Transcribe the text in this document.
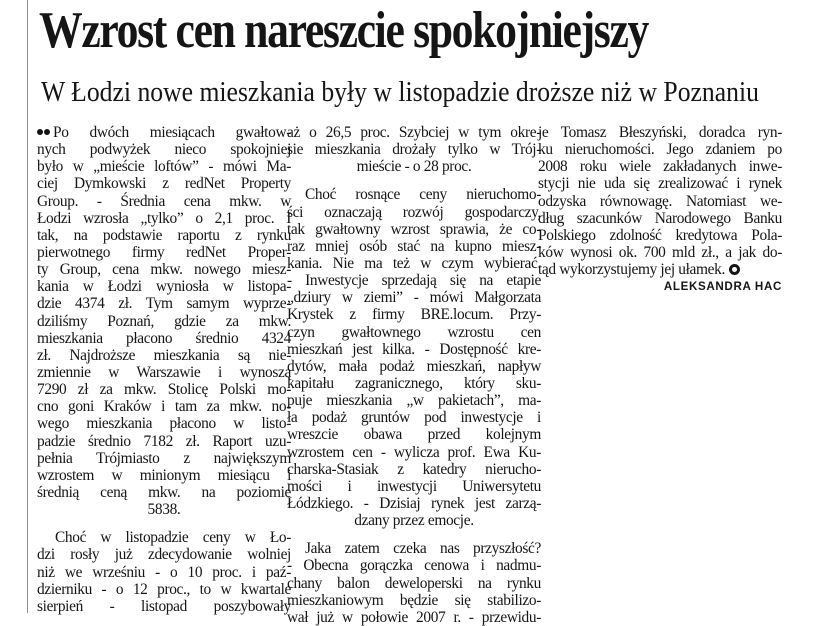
Wzrost cen nareszcie spokojniejszy
W Łodzi nowe mieszkania były w listopadzie droższe niż w Poznaniu
Po dwóch miesiącach gwałtow-
nych podwyżek nieco spokojniej
było w „mieście loftów” - mówi Ma-
ciej Dymkowski z redNet Property
Group. - Średnia cena mkw. w
Łodzi wzrosła „tylko” o 2,1 proc. I
tak, na podstawie raportu z rynku
pierwotnego firmy redNet Proper-
ty Group, cena mkw. nowego miesz-
kania w Łodzi wyniosła w listopa-
dzie 4374 zł. Tym samym wyprze-
dziliśmy Poznań, gdzie za mkw.
mieszkania płacono średnio 4324
zł. Najdroższe mieszkania są nie-
zmiennie w Warszawie i wynoszą
7290 zł za mkw. Stolicę Polski mo-
cno goni Kraków i tam za mkw. no-
wego mieszkania płacono w listo-
padzie średnio 7182 zł. Raport uzu-
pełnia Trójmiasto z największym
wzrostem w minionym miesiącu i
średnią ceną mkw. na poziomie
5838.
Choć w listopadzie ceny w Ło-
dzi rosły już zdecydowanie wolniej
niż we wrześniu - o 10 proc. i paź-
dzierniku - o 12 proc., to w kwartale
sierpień - listopad poszybowały
aż o 26,5 proc. Szybciej w tym okre-
sie mieszkania drożały tylko w Trój-
mieście - o 28 proc.
Choć rosnące ceny nieruchomo-
ści oznaczają rozwój gospodarczy,
tak gwałtowny wzrost sprawia, że co-
raz mniej osób stać na kupno miesz-
kania. Nie ma też w czym wybierać.
- Inwestycje sprzedają się na etapie
„dziury w ziemi” - mówi Małgorzata
Krystek z firmy BRE.locum. Przy-
czyn gwałtownego wzrostu cen
mieszkań jest kilka. - Dostępność kre-
dytów, mała podaż mieszkań, napływ
kapitału zagranicznego, który sku-
puje mieszkania „w pakietach”, ma-
ła podaż gruntów pod inwestycje i
wreszcie obawa przed kolejnym
wzrostem cen - wylicza prof. Ewa Ku-
charska-Stasiak z katedry nierucho-
mości i inwestycji Uniwersytetu
Łódzkiego. - Dzisiaj rynek jest zarzą-
dzany przez emocje.
Jaka zatem czeka nas przyszłość?
- Obecna gorączka cenowa i nadmu-
chany balon deweloperski na rynku
mieszkaniowym będzie się stabilizo-
wał już w połowie 2007 r. - przewidu-
je Tomasz Błeszyński, doradca ryn-
ku nieruchomości. Jego zdaniem po
2008 roku wiele zakładanych inwe-
stycji nie uda się zrealizować i rynek
odzyska równowagę. Natomiast we-
dług szacunków Narodowego Banku
Polskiego zdolność kredytowa Pola-
ków wynosi ok. 700 mld zł., a jak do-
tąd wykorzystujemy jej ułamek.
ALEKSANDRA HAC
